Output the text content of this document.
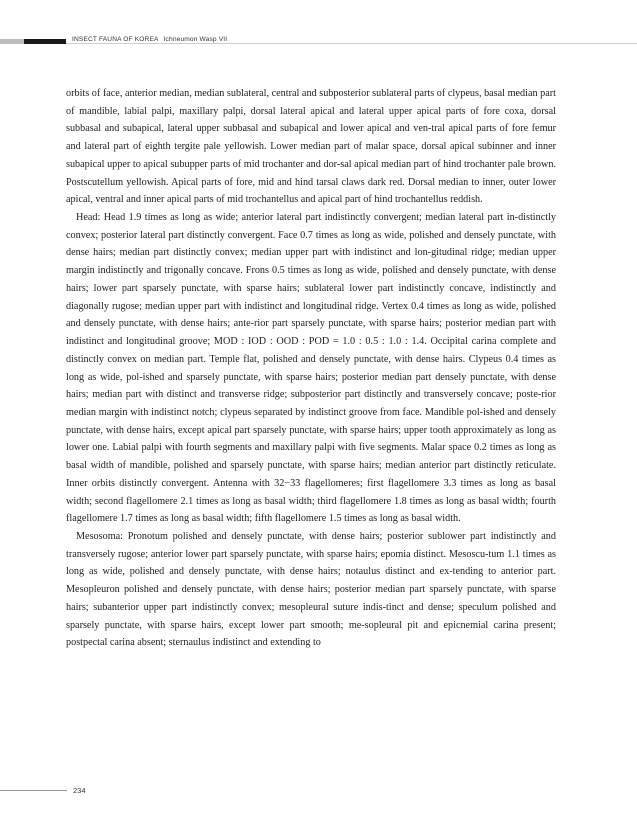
INSECT FAUNA OF KOREA Ichneumon Wasp VII

orbits of face, anterior median, median sublateral, central and subposterior sublateral parts of clypeus, basal median part of mandible, labial palpi, maxillary palpi, dorsal lateral apical and lateral upper apical parts of fore coxa, dorsal subbasal and subapical, lateral upper subbasal and subapical and lower apical and ven-tral apical parts of fore femur and lateral part of eighth tergite pale yellowish. Lower median part of malar space, dorsal apical subinner and inner subapical upper to apical subupper parts of mid trochanter and dor-sal apical median part of hind trochanter pale brown. Postscutellum yellowish. Apical parts of fore, mid and hind tarsal claws dark red. Dorsal median to inner, outer lower apical, ventral and inner apical parts of mid trochantellus and apical part of hind trochantellus reddish.

Head: Head 1.9 times as long as wide; anterior lateral part indistinctly convergent; median lateral part in-distinctly convex; posterior lateral part distinctly convergent. Face 0.7 times as long as wide, polished and densely punctate, with dense hairs; median part distinctly convex; median upper part with indistinct and lon-gitudinal ridge; median upper margin indistinctly and trigonally concave. Frons 0.5 times as long as wide, polished and densely punctate, with dense hairs; lower part sparsely punctate, with sparse hairs; sublateral lower part indistinctly concave, indistinctly and diagonally rugose; median upper part with indistinct and longitudinal ridge. Vertex 0.4 times as long as wide, polished and densely punctate, with dense hairs; ante-rior part sparsely punctate, with sparse hairs; posterior median part with indistinct and longitudinal groove; MOD : IOD : OOD : POD = 1.0 : 0.5 : 1.0 : 1.4. Occipital carina complete and distinctly convex on median part. Temple flat, polished and densely punctate, with dense hairs. Clypeus 0.4 times as long as wide, pol-ished and sparsely punctate, with sparse hairs; posterior median part densely punctate, with dense hairs; median part with distinct and transverse ridge; subposterior part distinctly and transversely concave; poste-rior median margin with indistinct notch; clypeus separated by indistinct groove from face. Mandible pol-ished and densely punctate, with dense hairs, except apical part sparsely punctate, with sparse hairs; upper tooth approximately as long as lower one. Labial palpi with fourth segments and maxillary palpi with five segments. Malar space 0.2 times as long as basal width of mandible, polished and sparsely punctate, with sparse hairs; median anterior part distinctly reticulate. Inner orbits distinctly convergent. Antenna with 32−33 flagellomeres; first flagellomere 3.3 times as long as basal width; second flagellomere 2.1 times as long as basal width; third flagellomere 1.8 times as long as basal width; fourth flagellomere 1.7 times as long as basal width; fifth flagellomere 1.5 times as long as basal width.

Mesosoma: Pronotum polished and densely punctate, with dense hairs; posterior sublower part indistinctly and transversely rugose; anterior lower part sparsely punctate, with sparse hairs; epomia distinct. Mesoscu-tum 1.1 times as long as wide, polished and densely punctate, with dense hairs; notaulus distinct and ex-tending to anterior part. Mesopleuron polished and densely punctate, with dense hairs; posterior median part sparsely punctate, with sparse hairs; subanterior upper part indistinctly convex; mesopleural suture indis-tinct and dense; speculum polished and sparsely punctate, with sparse hairs, except lower part smooth; me-sopleural pit and epicnemial carina present; postpectal carina absent; sternaulus indistinct and extending to

234
